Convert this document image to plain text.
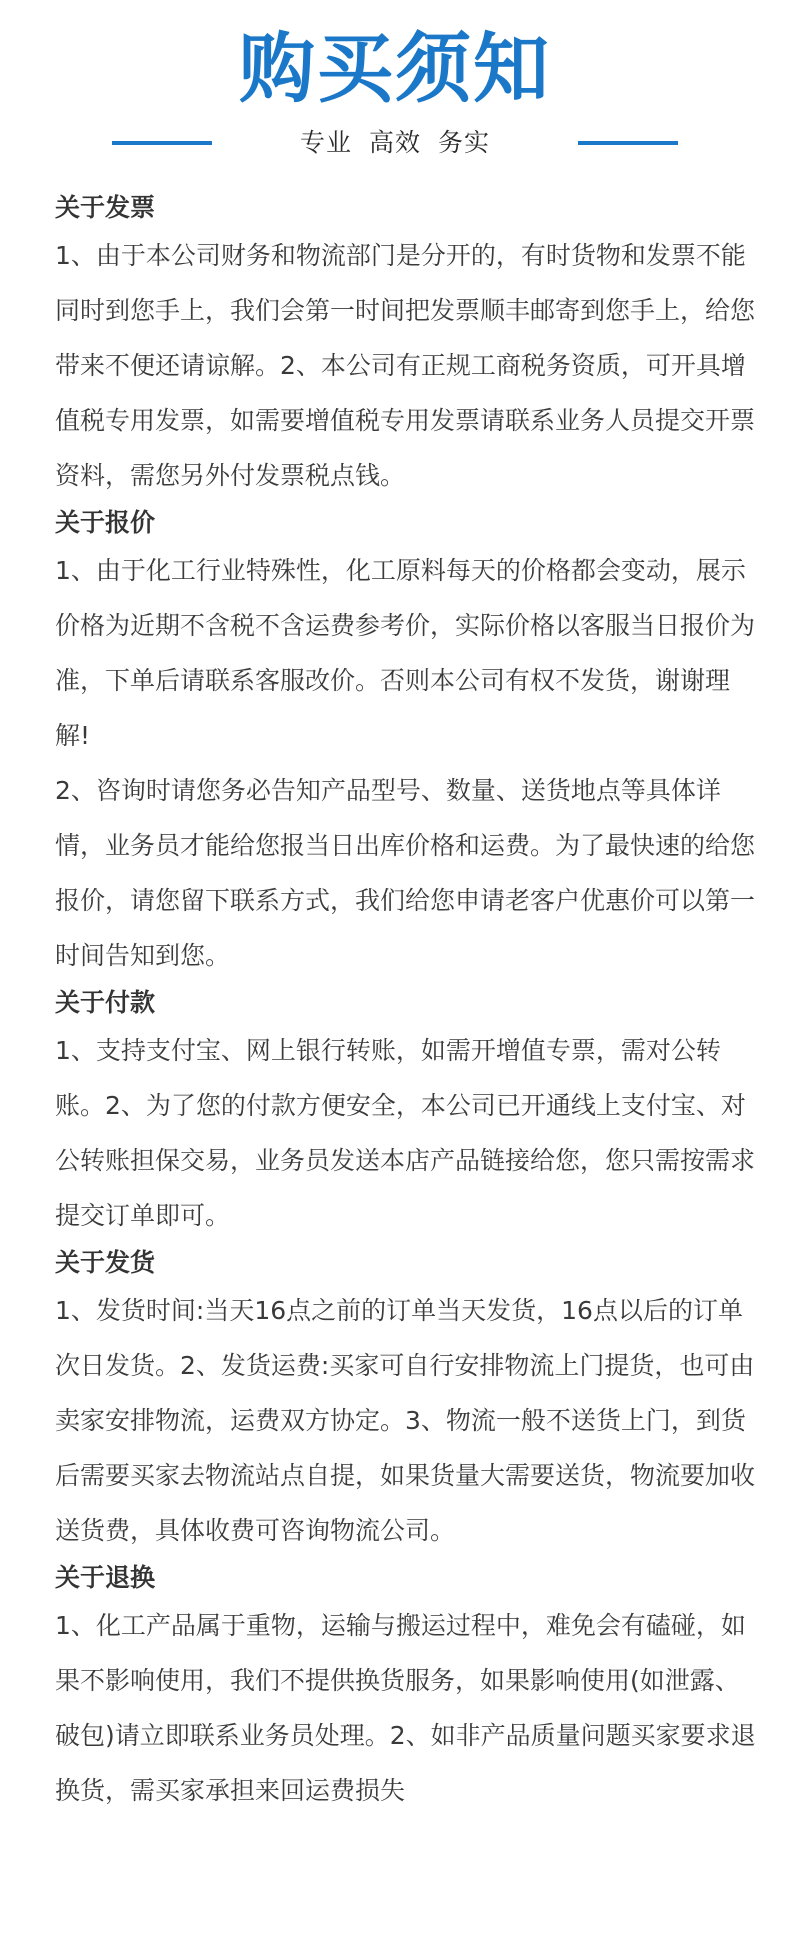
购买须知
专业 高效 务实
关于发票

1、由于本公司财务和物流部门是分开的，有时货物和发票不能同时到您手上，我们会第一时间把发票顺丰邮寄到您手上，给您带来不便还请谅解。2、本公司有正规工商税务资质，可开具增值税专用发票，如需要增值税专用发票请联系业务人员提交开票资料，需您另外付发票税点钱。

关于报价

1、由于化工行业特殊性，化工原料每天的价格都会变动，展示价格为近期不含税不含运费参考价，实际价格以客服当日报价为准，下单后请联系客服改价。否则本公司有权不发货，谢谢理解!

2、咨询时请您务必告知产品型号、数量、送货地点等具体详情，业务员才能给您报当日出库价格和运费。为了最快速的给您报价，请您留下联系方式，我们给您申请老客户优惠价可以第一时间告知到您。

关于付款

1、支持支付宝、网上银行转账，如需开增值专票，需对公转账。2、为了您的付款方便安全，本公司已开通线上支付宝、对公转账担保交易，业务员发送本店产品链接给您，您只需按需求提交订单即可。

关于发货

1、发货时间:当天16点之前的订单当天发货，16点以后的订单次日发货。2、发货运费:买家可自行安排物流上门提货，也可由卖家安排物流，运费双方协定。3、物流一般不送货上门，到货后需要买家去物流站点自提，如果货量大需要送货，物流要加收送货费，具体收费可咨询物流公司。

关于退换

1、化工产品属于重物，运输与搬运过程中，难免会有磕碰，如果不影响使用，我们不提供换货服务，如果影响使用(如泄露、破包)请立即联系业务员处理。2、如非产品质量问题买家要求退换货，需买家承担来回运费损失
